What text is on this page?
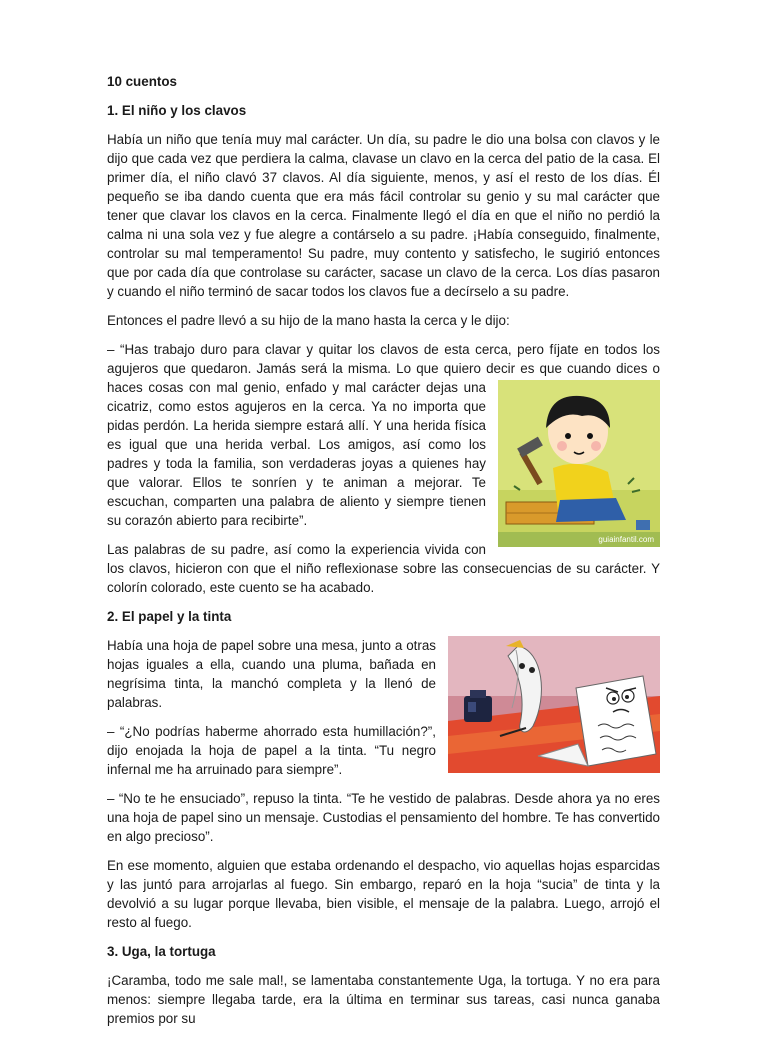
10 cuentos
1. El niño y los clavos

Había un niño que tenía muy mal carácter. Un día, su padre le dio una bolsa con clavos y le dijo que cada vez que perdiera la calma, clavase un clavo en la cerca del patio de la casa. El primer día, el niño clavó 37 clavos. Al día siguiente, menos, y así el resto de los días. Él pequeño se iba dando cuenta que era más fácil controlar su genio y su mal carácter que tener que clavar los clavos en la cerca. Finalmente llegó el día en que el niño no perdió la calma ni una sola vez y fue alegre a contárselo a su padre. ¡Había conseguido, finalmente, controlar su mal temperamento! Su padre, muy contento y satisfecho, le sugirió entonces que por cada día que controlase su carácter, sacase un clavo de la cerca. Los días pasaron y cuando el niño terminó de sacar todos los clavos fue a decírselo a su padre.

Entonces el padre llevó a su hijo de la mano hasta la cerca y le dijo:

– “Has trabajo duro para clavar y quitar los clavos de esta cerca, pero fíjate en todos los agujeros que quedaron. Jamás será la misma. Lo que quiero decir es que cuando dices o haces cosas con
guiainfantil.com
mal genio, enfado y mal carácter dejas una cicatriz, como estos agujeros en la cerca. Ya no importa que pidas perdón. La herida siempre estará allí. Y una herida física es igual que una herida verbal. Los amigos, así como los padres y toda la familia, son verdaderas joyas a quienes hay que valorar. Ellos te sonríen y te animan a mejorar. Te escuchan, comparten una palabra de aliento y siempre tienen su corazón abierto para recibirte”.

Las palabras de su padre, así como la experiencia vivida con los clavos, hicieron con que el niño reflexionase sobre las consecuencias de su carácter. Y colorín colorado, este cuento se ha acabado.

2. El papel y la tinta

Había una hoja de papel sobre una mesa, junto a otras hojas iguales a ella, cuando una pluma, bañada en negrísima tinta, la manchó completa y la llenó de palabras.

– “¿No podrías haberme ahorrado esta humillación?”, dijo enojada la hoja de papel a la tinta. “Tu negro infernal me ha arruinado para siempre”.

– “No te he ensuciado”, repuso la tinta. “Te he vestido de palabras. Desde ahora ya no eres una hoja de papel sino un mensaje. Custodias el pensamiento del hombre. Te has convertido en algo precioso”.

En ese momento, alguien que estaba ordenando el despacho, vio aquellas hojas esparcidas y las juntó para arrojarlas al fuego. Sin embargo, reparó en la hoja “sucia” de tinta y la devolvió a su lugar porque llevaba, bien visible, el mensaje de la palabra. Luego, arrojó el resto al fuego.

3. Uga, la tortuga

¡Caramba, todo me sale mal!, se lamentaba constantemente Uga, la tortuga. Y no era para menos: siempre llegaba tarde, era la última en terminar sus tareas, casi nunca ganaba premios por su
